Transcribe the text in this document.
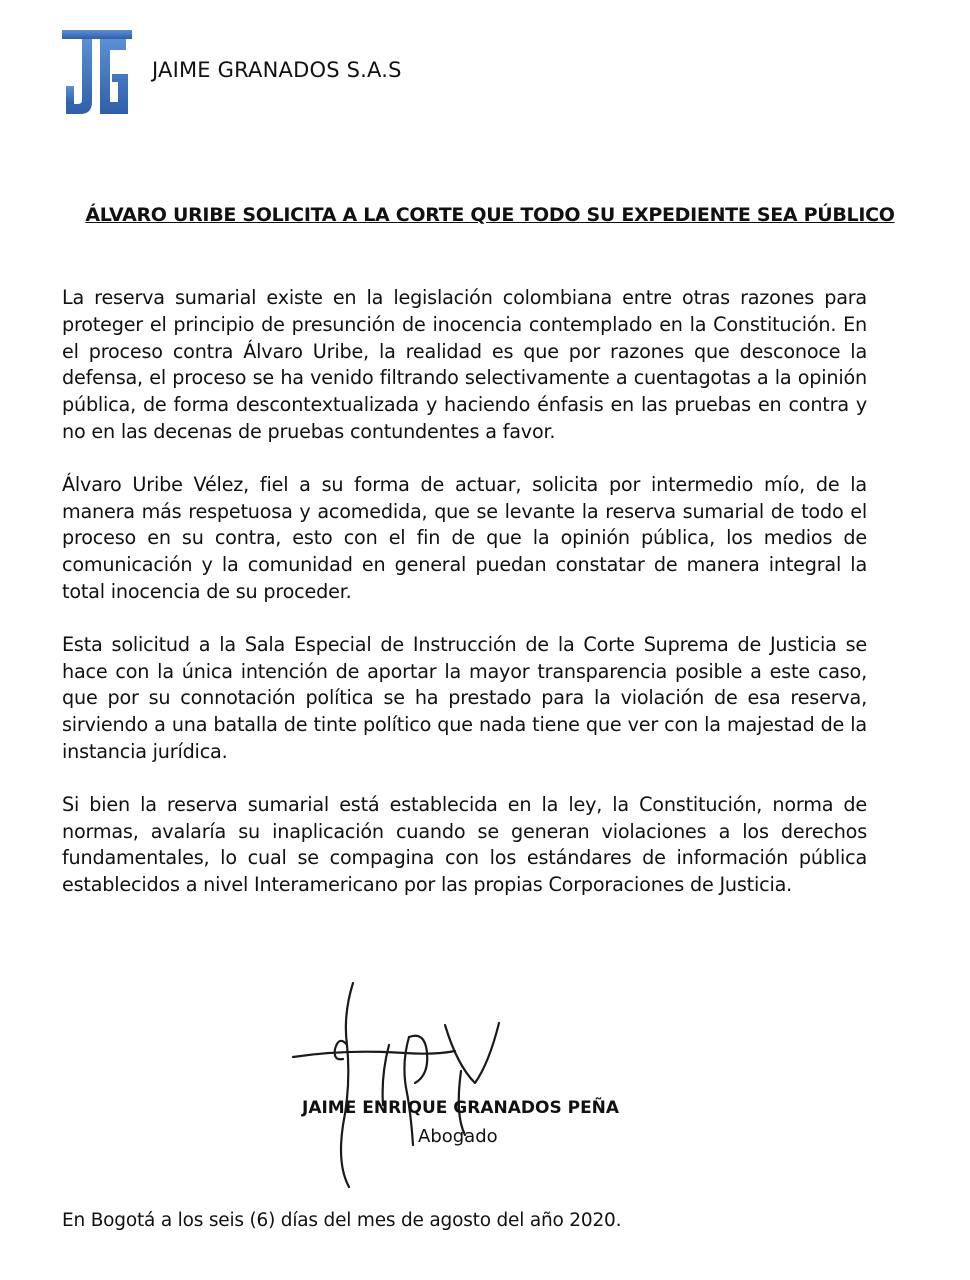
JAIME GRANADOS S.A.S
ÁLVARO URIBE SOLICITA A LA CORTE QUE TODO SU EXPEDIENTE SEA PÚBLICO

La reserva sumarial existe en la legislación colombiana entre otras razones para proteger el principio de presunción de inocencia contemplado en la Constitución. En el proceso contra Álvaro Uribe, la realidad es que por razones que desconoce la defensa, el proceso se ha venido filtrando selectivamente a cuentagotas a la opinión pública, de forma descontextualizada y haciendo énfasis en las pruebas en contra y no en las decenas de pruebas contundentes a favor.

Álvaro Uribe Vélez, fiel a su forma de actuar, solicita por intermedio mío, de la manera más respetuosa y acomedida, que se levante la reserva sumarial de todo el proceso en su contra, esto con el fin de que la opinión pública, los medios de comunicación y la comunidad en general puedan constatar de manera integral la total inocencia de su proceder.

Esta solicitud a la Sala Especial de Instrucción de la Corte Suprema de Justicia se hace con la única intención de aportar la mayor transparencia posible a este caso, que por su connotación política se ha prestado para la violación de esa reserva, sirviendo a una batalla de tinte político que nada tiene que ver con la majestad de la instancia jurídica.

Si bien la reserva sumarial está establecida en la ley, la Constitución, norma de normas, avalaría su inaplicación cuando se generan violaciones a los derechos fundamentales, lo cual se compagina con los estándares de información pública establecidos a nivel Interamericano por las propias Corporaciones de Justicia.

JAIME ENRIQUE GRANADOS PEÑA
Abogado
En Bogotá a los seis (6) días del mes de agosto del año 2020.
